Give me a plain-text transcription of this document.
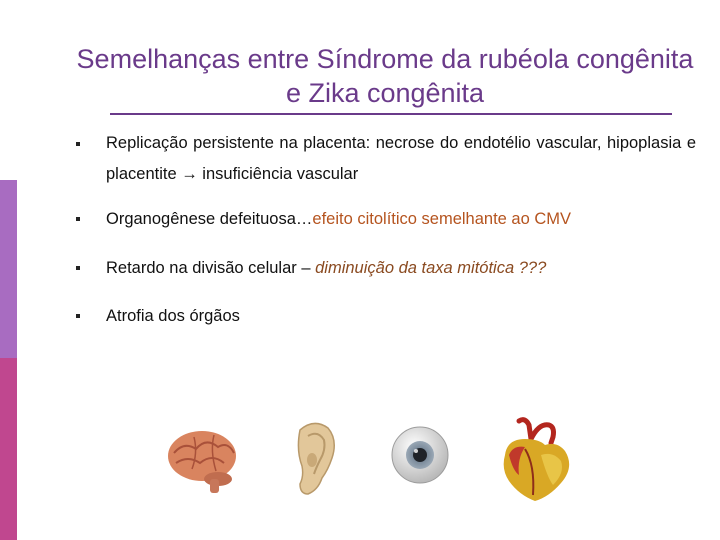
Semelhanças entre Síndrome da rubéola congênita
e Zika congênita
Replicação persistente na placenta: necrose do endotélio vascular, hipoplasia e placentite → insuficiência vascular
Organogênese defeituosa…efeito citolítico semelhante ao CMV
Retardo na divisão celular – diminuição da taxa mitótica ???
Atrofia dos órgãos
